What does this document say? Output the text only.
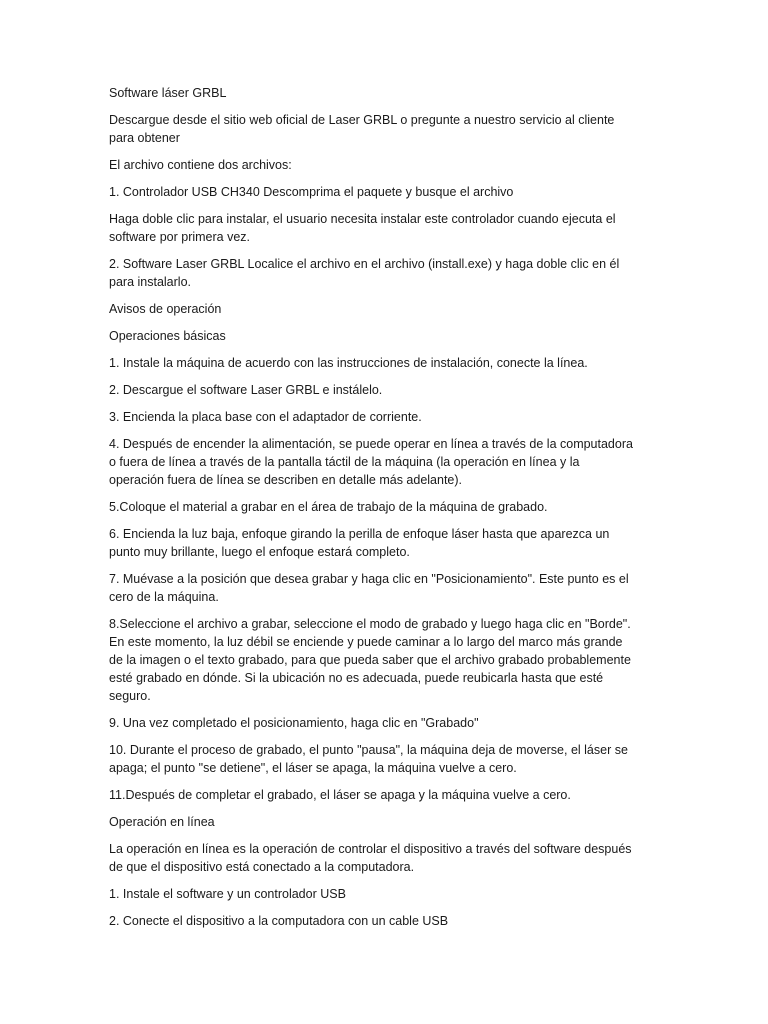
Software láser GRBL

Descargue desde el sitio web oficial de Laser GRBL o pregunte a nuestro servicio al cliente para obtener

El archivo contiene dos archivos:

1. Controlador USB CH340 Descomprima el paquete y busque el archivo

Haga doble clic para instalar, el usuario necesita instalar este controlador cuando ejecuta el software por primera vez.

2. Software Laser GRBL Localice el archivo en el archivo (install.exe) y haga doble clic en él para instalarlo.

Avisos de operación

Operaciones básicas

1. Instale la máquina de acuerdo con las instrucciones de instalación, conecte la línea.

2. Descargue el software Laser GRBL e instálelo.

3. Encienda la placa base con el adaptador de corriente.

4. Después de encender la alimentación, se puede operar en línea a través de la computadora o fuera de línea a través de la pantalla táctil de la máquina (la operación en línea y la operación fuera de línea se describen en detalle más adelante).

5.Coloque el material a grabar en el área de trabajo de la máquina de grabado.

6. Encienda la luz baja, enfoque girando la perilla de enfoque láser hasta que aparezca un punto muy brillante, luego el enfoque estará completo.

7. Muévase a la posición que desea grabar y haga clic en "Posicionamiento". Este punto es el cero de la máquina.

8.Seleccione el archivo a grabar, seleccione el modo de grabado y luego haga clic en "Borde". En este momento, la luz débil se enciende y puede caminar a lo largo del marco más grande de la imagen o el texto grabado, para que pueda saber que el archivo grabado probablemente esté grabado en dónde. Si la ubicación no es adecuada, puede reubicarla hasta que esté seguro.

9. Una vez completado el posicionamiento, haga clic en "Grabado"

10. Durante el proceso de grabado, el punto "pausa", la máquina deja de moverse, el láser se apaga; el punto "se detiene", el láser se apaga, la máquina vuelve a cero.

11.Después de completar el grabado, el láser se apaga y la máquina vuelve a cero.

Operación en línea

La operación en línea es la operación de controlar el dispositivo a través del software después de que el dispositivo está conectado a la computadora.

1. Instale el software y un controlador USB

2. Conecte el dispositivo a la computadora con un cable USB
